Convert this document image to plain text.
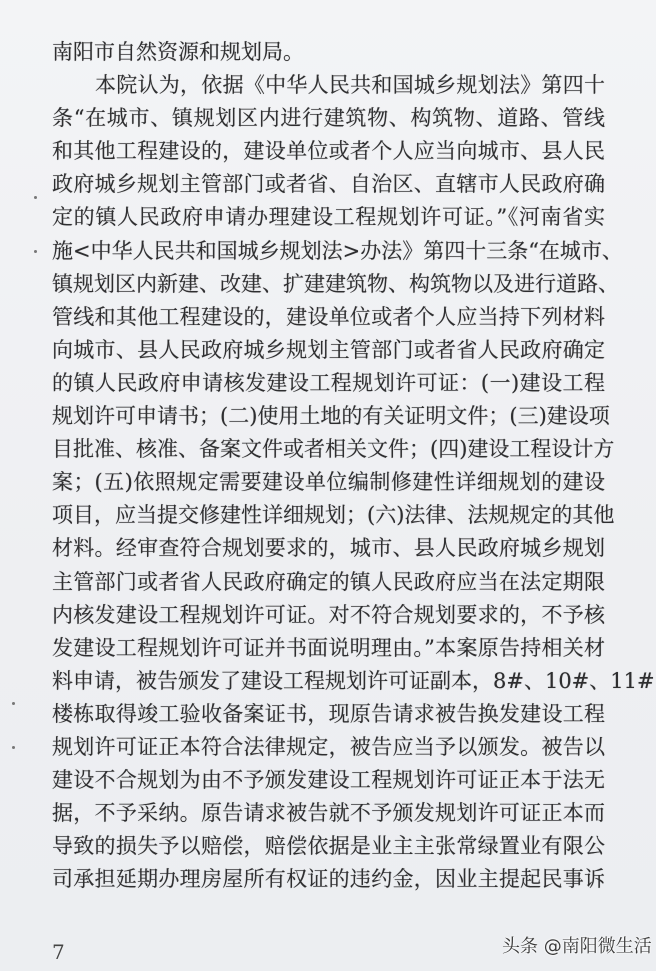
南阳市自然资源和规划局。
本院认为，依据《中华人民共和国城乡规划法》第四十
条“在城市、镇规划区内进行建筑物、构筑物、道路、管线
和其他工程建设的，建设单位或者个人应当向城市、县人民
政府城乡规划主管部门或者省、自治区、直辖市人民政府确
定的镇人民政府申请办理建设工程规划许可证。”《河南省实
施<中华人民共和国城乡规划法>办法》第四十三条“在城市、
镇规划区内新建、改建、扩建建筑物、构筑物以及进行道路、
管线和其他工程建设的，建设单位或者个人应当持下列材料
向城市、县人民政府城乡规划主管部门或者省人民政府确定
的镇人民政府申请核发建设工程规划许可证：(一)建设工程
规划许可申请书；(二)使用土地的有关证明文件；(三)建设项
目批准、核准、备案文件或者相关文件；(四)建设工程设计方
案；(五)依照规定需要建设单位编制修建性详细规划的建设
项目，应当提交修建性详细规划；(六)法律、法规规定的其他
材料。经审查符合规划要求的，城市、县人民政府城乡规划
主管部门或者省人民政府确定的镇人民政府应当在法定期限
内核发建设工程规划许可证。对不符合规划要求的，不予核
发建设工程规划许可证并书面说明理由。”本案原告持相关材
料申请，被告颁发了建设工程规划许可证副本，8#、10#、11#
楼栋取得竣工验收备案证书，现原告请求被告换发建设工程
规划许可证正本符合法律规定，被告应当予以颁发。被告以
建设不合规划为由不予颁发建设工程规划许可证正本于法无
据，不予采纳。原告请求被告就不予颁发规划许可证正本而
导致的损失予以赔偿，赔偿依据是业主主张常绿置业有限公
司承担延期办理房屋所有权证的违约金，因业主提起民事诉
7	头条 @南阳微生活
